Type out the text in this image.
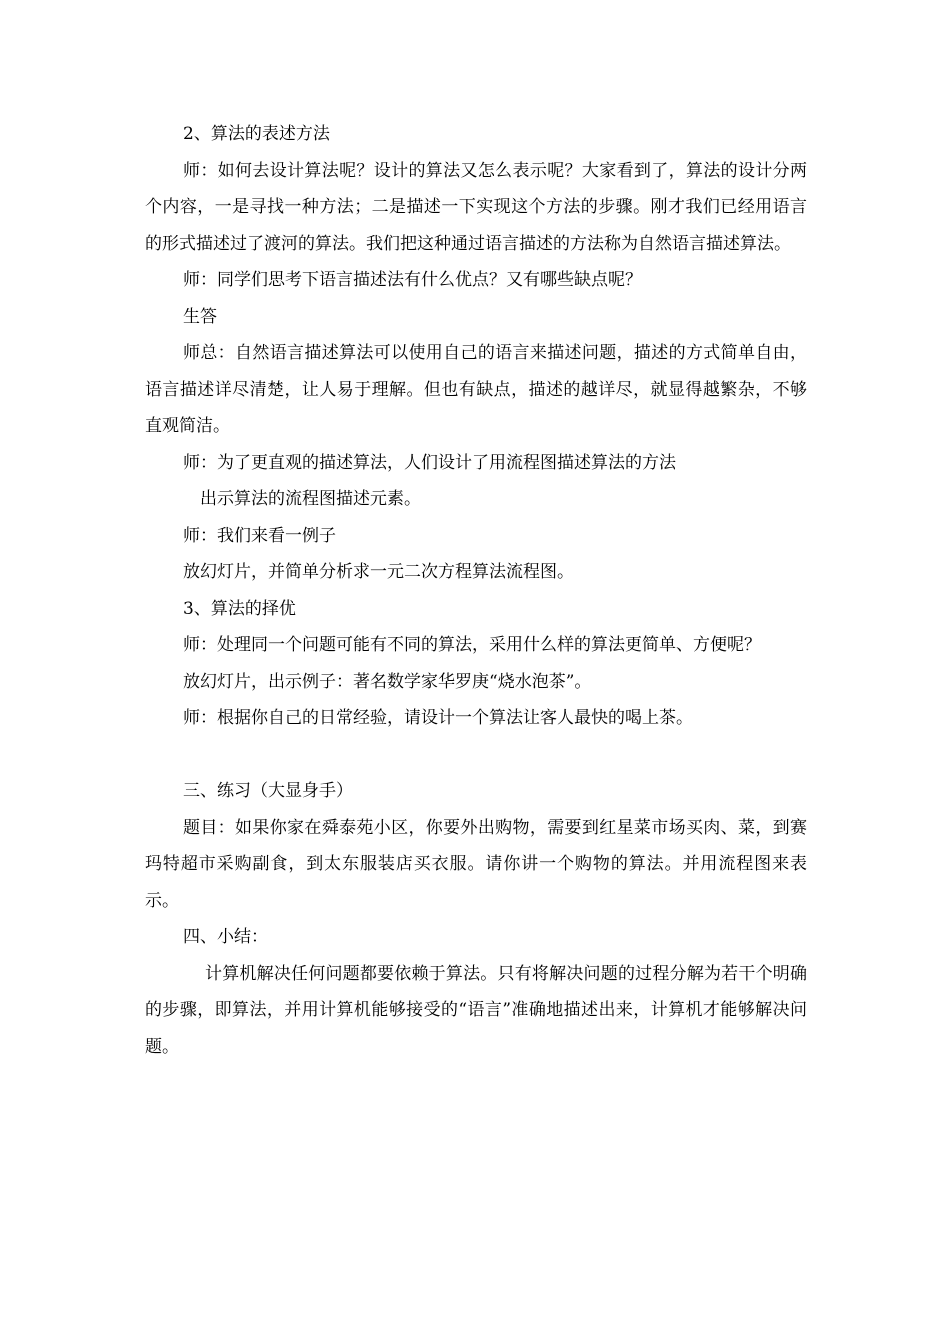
2、算法的表述方法

师：如何去设计算法呢？设计的算法又怎么表示呢？大家看到了，算法的设计分两个内容，一是寻找一种方法；二是描述一下实现这个方法的步骤。刚才我们已经用语言的形式描述过了渡河的算法。我们把这种通过语言描述的方法称为自然语言描述算法。

师：同学们思考下语言描述法有什么优点？又有哪些缺点呢？

生答

师总：自然语言描述算法可以使用自己的语言来描述问题，描述的方式简单自由，语言描述详尽清楚，让人易于理解。但也有缺点，描述的越详尽，就显得越繁杂，不够直观简洁。

师：为了更直观的描述算法，人们设计了用流程图描述算法的方法

出示算法的流程图描述元素。

师：我们来看一例子

放幻灯片，并简单分析求一元二次方程算法流程图。

3、算法的择优

师：处理同一个问题可能有不同的算法，采用什么样的算法更简单、方便呢？

放幻灯片，出示例子：著名数学家华罗庚“烧水泡茶”。

师：根据你自己的日常经验，请设计一个算法让客人最快的喝上茶。

三、练习（大显身手）

题目：如果你家在舜泰苑小区，你要外出购物，需要到红星菜市场买肉、菜，到赛玛特超市采购副食，到太东服装店买衣服。请你讲一个购物的算法。并用流程图来表示。

四、小结：

计算机解决任何问题都要依赖于算法。只有将解决问题的过程分解为若干个明确的步骤，即算法，并用计算机能够接受的“语言”准确地描述出来，计算机才能够解决问题。
